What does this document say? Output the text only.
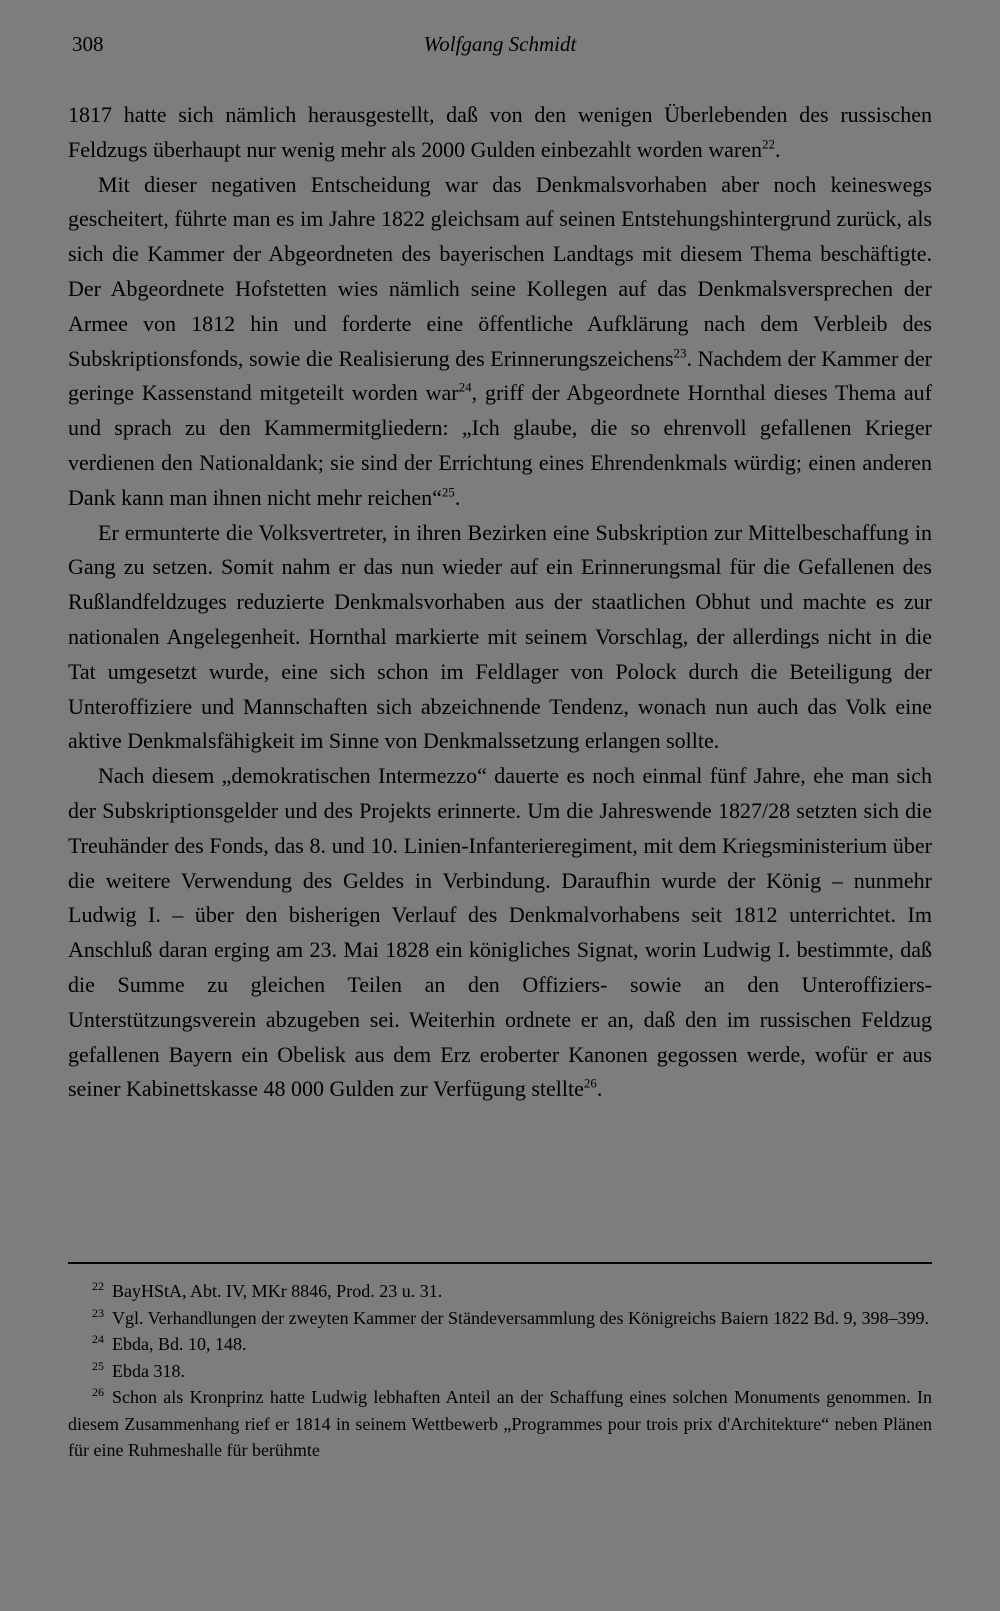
308	Wolfgang Schmidt

1817 hatte sich nämlich herausgestellt, daß von den wenigen Überlebenden des russischen Feldzugs überhaupt nur wenig mehr als 2000 Gulden einbezahlt worden waren$^{22}$.

Mit dieser negativen Entscheidung war das Denkmalsvorhaben aber noch keineswegs gescheitert, führte man es im Jahre 1822 gleichsam auf seinen Entstehungshintergrund zurück, als sich die Kammer der Abgeordneten des bayerischen Landtags mit diesem Thema beschäftigte. Der Abgeordnete Hofstetten wies nämlich seine Kollegen auf das Denkmalsversprechen der Armee von 1812 hin und forderte eine öffentliche Aufklärung nach dem Verbleib des Subskriptionsfonds, sowie die Realisierung des Erinnerungszeichens$^{23}$. Nachdem der Kammer der geringe Kassenstand mitgeteilt worden war$^{24}$, griff der Abgeordnete Hornthal dieses Thema auf und sprach zu den Kammermitgliedern: „Ich glaube, die so ehrenvoll gefallenen Krieger verdienen den Nationaldank; sie sind der Errichtung eines Ehrendenkmals würdig; einen anderen Dank kann man ihnen nicht mehr reichen“$^{25}$.

Er ermunterte die Volksvertreter, in ihren Bezirken eine Subskription zur Mittelbeschaffung in Gang zu setzen. Somit nahm er das nun wieder auf ein Erinnerungsmal für die Gefallenen des Rußlandfeldzuges reduzierte Denkmalsvorhaben aus der staatlichen Obhut und machte es zur nationalen Angelegenheit. Hornthal markierte mit seinem Vorschlag, der allerdings nicht in die Tat umgesetzt wurde, eine sich schon im Feldlager von Polock durch die Beteiligung der Unteroffiziere und Mannschaften sich abzeichnende Tendenz, wonach nun auch das Volk eine aktive Denkmalsfähigkeit im Sinne von Denkmalssetzung erlangen sollte.

Nach diesem „demokratischen Intermezzo“ dauerte es noch einmal fünf Jahre, ehe man sich der Subskriptionsgelder und des Projekts erinnerte. Um die Jahreswende 1827/28 setzten sich die Treuhänder des Fonds, das 8. und 10. Linien-Infanterieregiment, mit dem Kriegsministerium über die weitere Verwendung des Geldes in Verbindung. Daraufhin wurde der König – nunmehr Ludwig I. – über den bisherigen Verlauf des Denkmalvorhabens seit 1812 unterrichtet. Im Anschluß daran erging am 23. Mai 1828 ein königliches Signat, worin Ludwig I. bestimmte, daß die Summe zu gleichen Teilen an den Offiziers- sowie an den Unteroffiziers-Unterstützungsverein abzugeben sei. Weiterhin ordnete er an, daß den im russischen Feldzug gefallenen Bayern ein Obelisk aus dem Erz eroberter Kanonen gegossen werde, wofür er aus seiner Kabinettskasse 48 000 Gulden zur Verfügung stellte$^{26}$.

$^{22}$ BayHStA, Abt. IV, MKr 8846, Prod. 23 u. 31.

$^{23}$ Vgl. Verhandlungen der zweyten Kammer der Ständeversammlung des Königreichs Baiern 1822 Bd. 9, 398–399.

$^{24}$ Ebda, Bd. 10, 148.

$^{25}$ Ebda 318.

$^{26}$ Schon als Kronprinz hatte Ludwig lebhaften Anteil an der Schaffung eines solchen Monuments genommen. In diesem Zusammenhang rief er 1814 in seinem Wettbewerb „Programmes pour trois prix d'Architekture“ neben Plänen für eine Ruhmeshalle für berühmte
